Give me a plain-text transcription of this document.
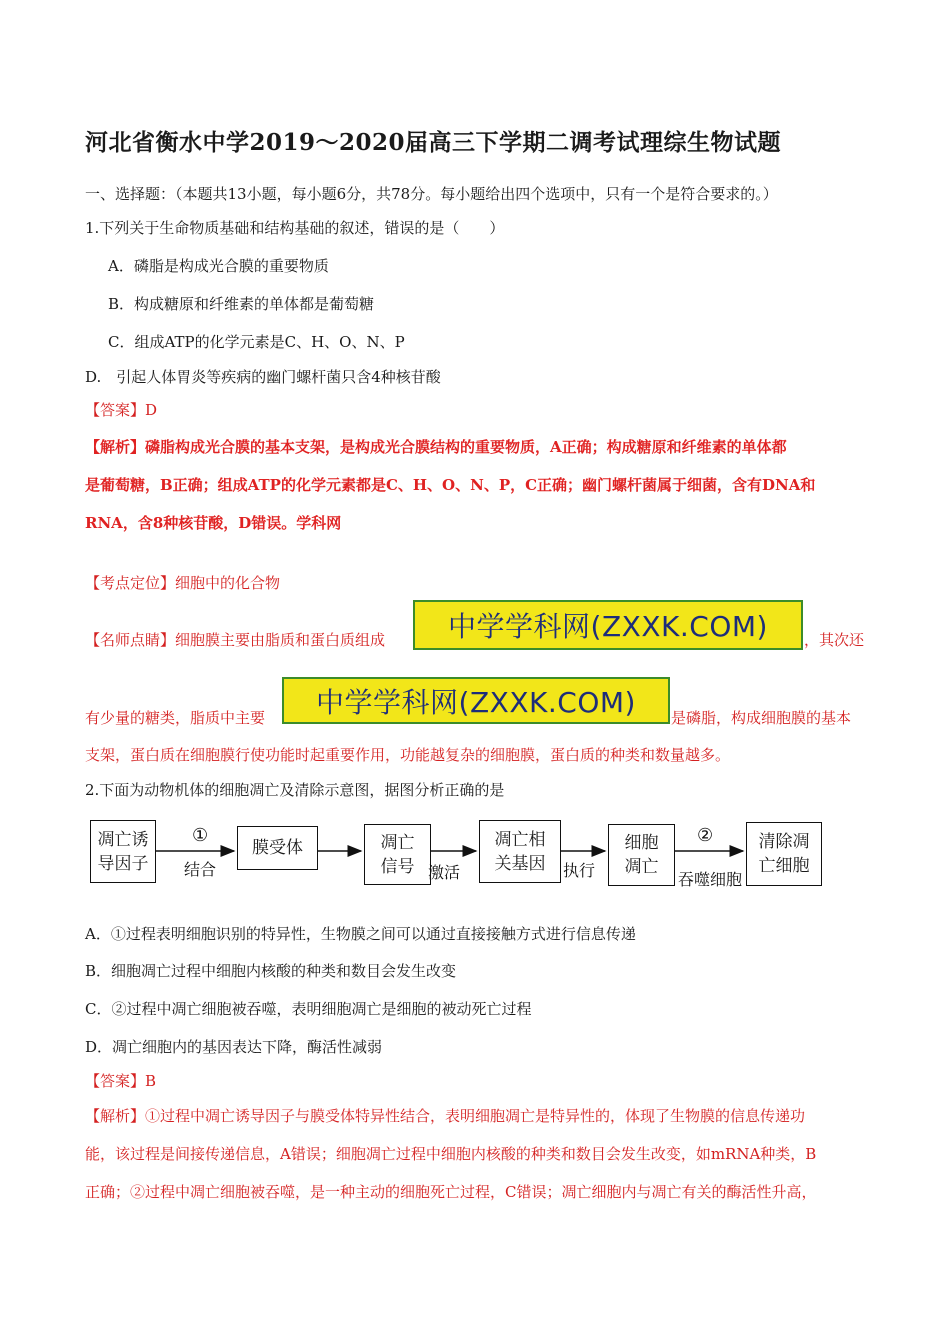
河北省衡水中学2019～2020届高三下学期二调考试理综生物试题
一、选择题：（本题共13小题，每小题6分，共78分。每小题给出四个选项中，只有一个是符合要求的。）
1.下列关于生命物质基础和结构基础的叙述，错误的是（　　）
A．磷脂是构成光合膜的重要物质
B．构成糖原和纤维素的单体都是葡萄糖
C．组成ATP的化学元素是C、H、O、N、P
D.　引起人体胃炎等疾病的幽门螺杆菌只含4种核苷酸
【答案】D
【解析】磷脂构成光合膜的基本支架，是构成光合膜结构的重要物质，A正确；构成糖原和纤维素的单体都
是葡萄糖，B正确；组成ATP的化学元素都是C、H、O、N、P，C正确；幽门螺杆菌属于细菌，含有DNA和
RNA，含8种核苷酸，D错误。学科网
【考点定位】细胞中的化合物
【名师点睛】细胞膜主要由脂质和蛋白质组成 中学学科网(ZXXK.COM) ，其次还
有少量的糖类，脂质中主要 中学学科网(ZXXK.COM) 是磷脂，构成细胞膜的基本
支架，蛋白质在细胞膜行使功能时起重要作用，功能越复杂的细胞膜，蛋白质的种类和数量越多。
2.下面为动物机体的细胞凋亡及清除示意图，据图分析正确的是
凋亡诱
导因子
膜受体	凋亡
信号
凋亡相
关基因
细胞
凋亡
清除凋
亡细胞
①	②
结合	激活	执行	吞噬细胞
A．①过程表明细胞识别的特异性，生物膜之间可以通过直接接触方式进行信息传递
B．细胞凋亡过程中细胞内核酸的种类和数目会发生改变
C．②过程中凋亡细胞被吞噬，表明细胞凋亡是细胞的被动死亡过程
D．凋亡细胞内的基因表达下降，酶活性减弱
【答案】B
【解析】①过程中凋亡诱导因子与膜受体特异性结合，表明细胞凋亡是特异性的，体现了生物膜的信息传递功
能，该过程是间接传递信息，A错误；细胞凋亡过程中细胞内核酸的种类和数目会发生改变，如mRNA种类，B
正确；②过程中凋亡细胞被吞噬，是一种主动的细胞死亡过程，C错误；凋亡细胞内与凋亡有关的酶活性升高，
